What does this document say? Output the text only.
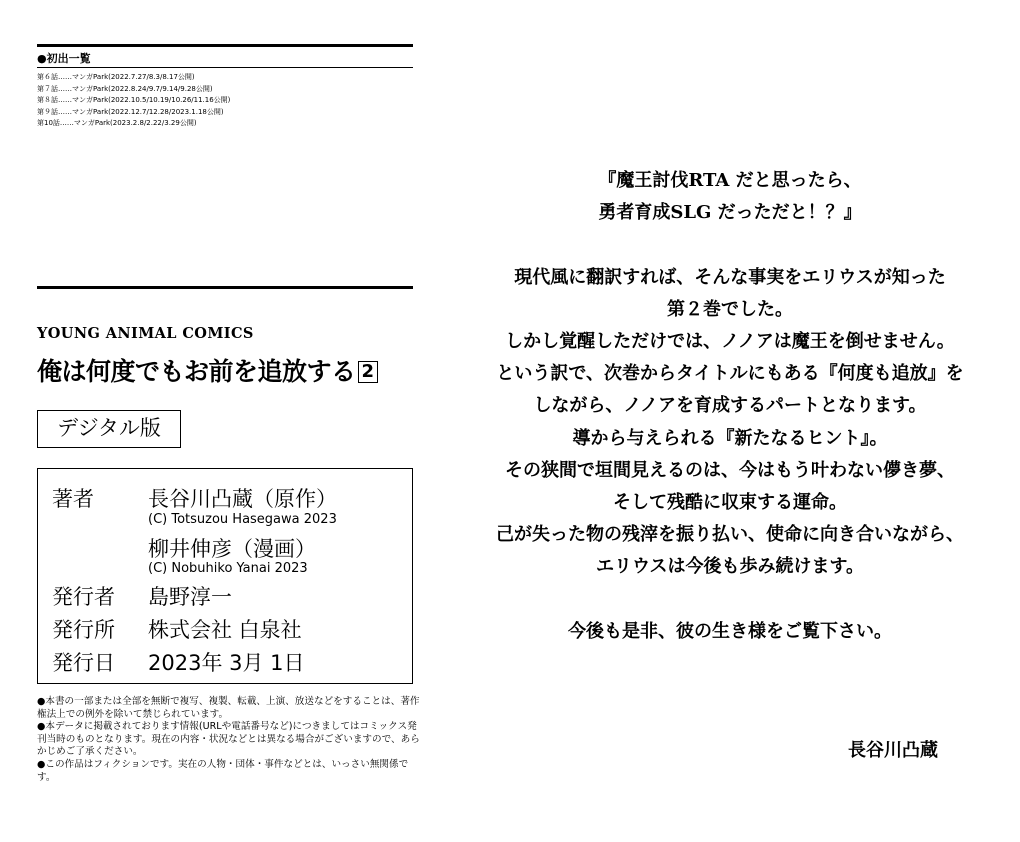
●初出一覧
第６話……マンガPark(2022.7.27/8.3/8.17公開)
第７話……マンガPark(2022.8.24/9.7/9.14/9.28公開)
第８話……マンガPark(2022.10.5/10.19/10.26/11.16公開)
第９話……マンガPark(2022.12.7/12.28/2023.1.18公開)
第10話……マンガPark(2023.2.8/2.22/3.29公開)
YOUNG ANIMAL COMICS
俺は何度でもお前を追放する 2
デジタル版
著者	長谷川凸蔵（原作）
(C) Totsuzou Hasegawa 2023
柳井伸彦（漫画）
(C) Nobuhiko Yanai 2023
発行者 島野淳一
発行所 株式会社 白泉社
発行日 2023年 3月 1日
●本書の一部または全部を無断で複写、複製、転載、上演、放送などをすることは、著作権法上での例外を除いて禁じられています。
●本データに掲載されております情報(URLや電話番号など)につきましてはコミックス発刊当時のものとなります。現在の内容・状況などとは異なる場合がございますので、あらかじめご了承ください。
●この作品はフィクションです。実在の人物・団体・事件などとは、いっさい無関係です。
『魔王討伐RTA だと思ったら、
勇者育成SLG だっただと！？』
現代風に翻訳すれば、そんな事実をエリウスが知った
第２巻でした。
しかし覚醒しただけでは、ノノアは魔王を倒せません。
という訳で、次巻からタイトルにもある『何度も追放』を
しながら、ノノアを育成するパートとなります。
導から与えられる『新たなるヒント』。
その狭間で垣間見えるのは、今はもう叶わない儚き夢、
そして残酷に収束する運命。
己が失った物の残滓を振り払い、使命に向き合いながら、
エリウスは今後も歩み続けます。
今後も是非、彼の生き様をご覧下さい。
長谷川凸蔵
